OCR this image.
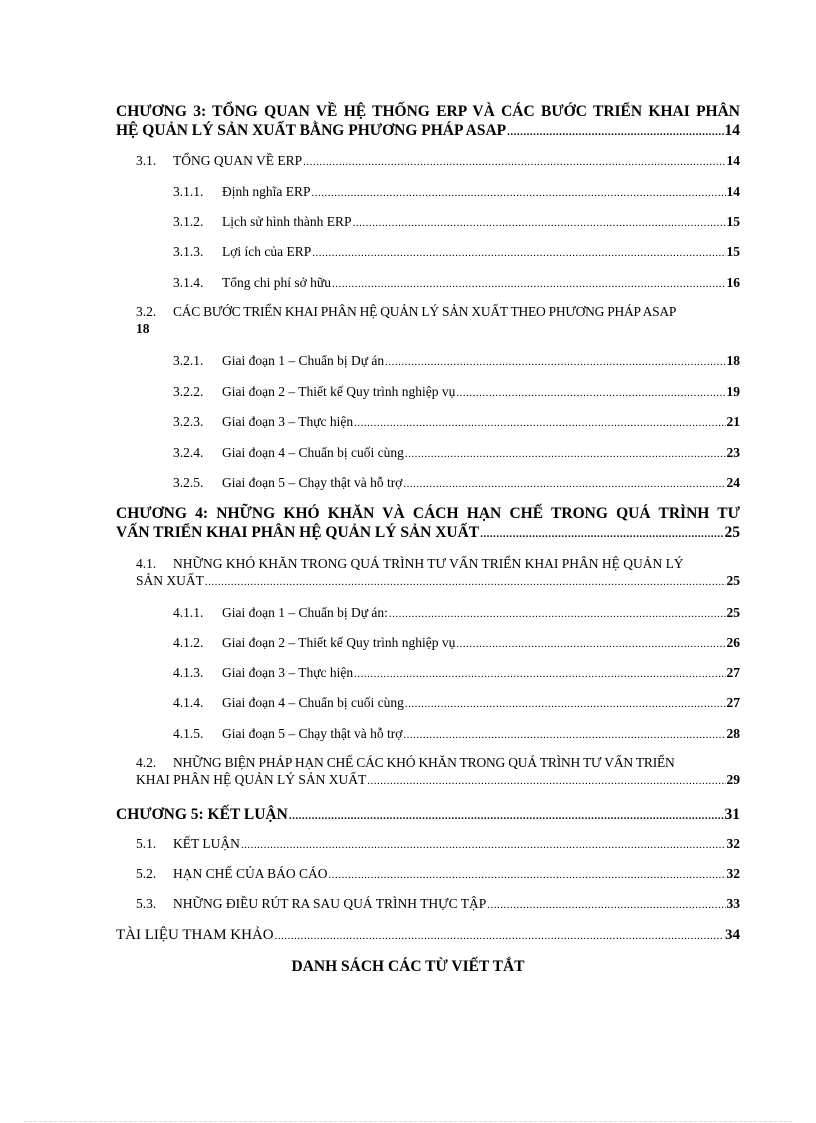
CHƯƠNG 3: TỔNG QUAN VỀ HỆ THỐNG ERP VÀ CÁC BƯỚC TRIỂN KHAI PHÂN
HỆ QUẢN LÝ SẢN XUẤT BẰNG PHƯƠNG PHÁP ASAP .....	14
3.1.	TỔNG QUAN VỀ ERP .....	14
3.1.1.	Định nghĩa ERP .....	14
3.1.2.	Lịch sử hình thành ERP .....	15
3.1.3.	Lợi ích của ERP .....	15
3.1.4.	Tổng chi phí sở hữu .....	16
3.2.	CÁC BƯỚC TRIỂN KHAI PHÂN HỆ QUẢN LÝ SẢN XUẤT THEO PHƯƠNG PHÁP ASAP
18
3.2.1.	Giai đoạn 1 – Chuẩn bị Dự án .....	18
3.2.2.	Giai đoạn 2 – Thiết kế Quy trình nghiệp vụ .....	19
3.2.3.	Giai đoạn 3 – Thực hiện .....	21
3.2.4.	Giai đoạn 4 – Chuẩn bị cuối cùng .....	23
3.2.5.	Giai đoạn 5 – Chạy thật và hỗ trợ .....	24
CHƯƠNG 4: NHỮNG KHÓ KHĂN VÀ CÁCH HẠN CHẾ TRONG QUÁ TRÌNH TƯ
VẤN TRIỂN KHAI PHÂN HỆ QUẢN LÝ SẢN XUẤT .....	25
4.1.	NHỮNG KHÓ KHĂN TRONG QUÁ TRÌNH TƯ VẤN TRIỂN KHAI PHÂN HỆ QUẢN LÝ
SẢN XUẤT .....	25
4.1.1.	Giai đoạn 1 – Chuẩn bị Dự án: .....	25
4.1.2.	Giai đoạn 2 – Thiết kế Quy trình nghiệp vụ .....	26
4.1.3.	Giai đoạn 3 – Thực hiện .....	27
4.1.4.	Giai đoạn 4 – Chuẩn bị cuối cùng .....	27
4.1.5.	Giai đoạn 5 – Chạy thật và hỗ trợ .....	28
4.2.	NHỮNG BIỆN PHÁP HẠN CHẾ CÁC KHÓ KHĂN TRONG QUÁ TRÌNH TƯ VẤN TRIỂN
KHAI PHÂN HỆ QUẢN LÝ SẢN XUẤT .....	29
CHƯƠNG 5: KẾT LUẬN .....	31
5.1.	KẾT LUẬN .....	32
5.2.	HẠN CHẾ CỦA BÁO CÁO .....	32
5.3.	NHỮNG ĐIỀU RÚT RA SAU QUÁ TRÌNH THỰC TẬP .....	33
TÀI LIỆU THAM KHẢO .....	34
DANH SÁCH CÁC TỪ VIẾT TẮT
